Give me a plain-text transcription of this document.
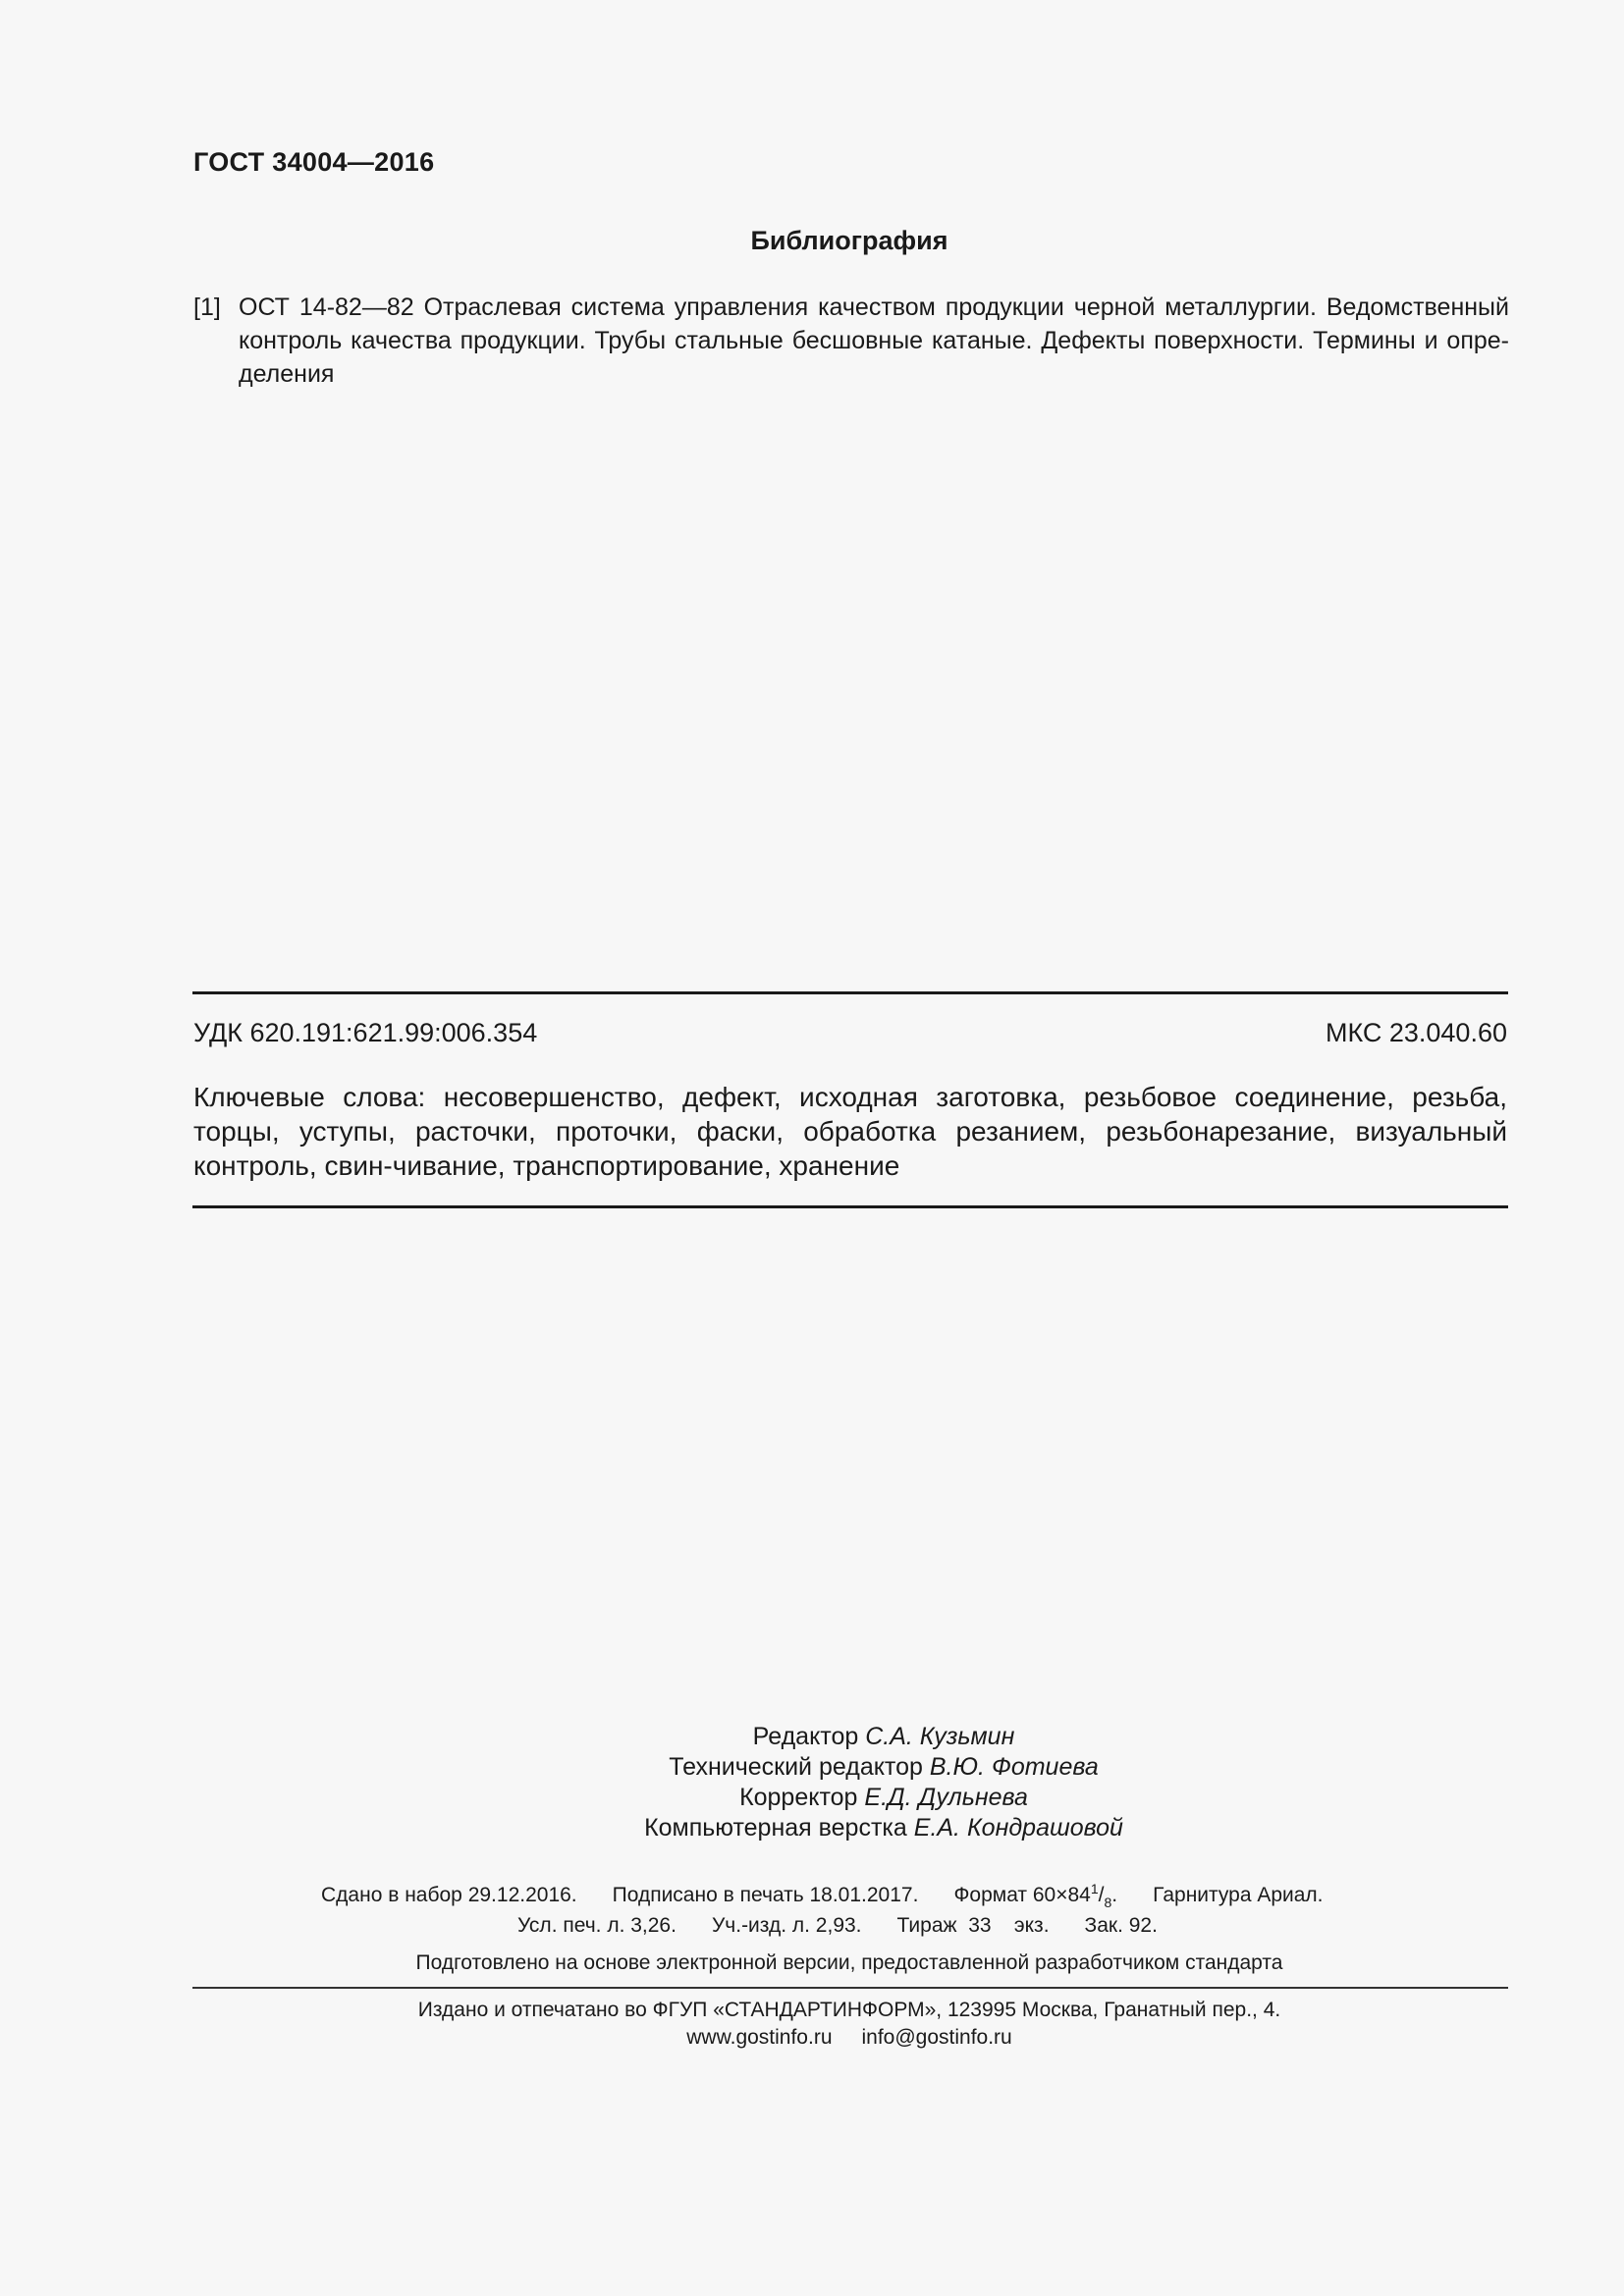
ГОСТ 34004—2016
Библиография
[1] ОСТ 14-82—82 Отраслевая система управления качеством продукции черной металлургии. Ведомственный контроль качества продукции. Трубы стальные бесшовные катаные. Дефекты поверхности. Термины и опре-деления
УДК 620.191:621.99:006.354	МКС 23.040.60
Ключевые слова: несовершенство, дефект, исходная заготовка, резьбовое соединение, резьба, торцы, уступы, расточки, проточки, фаски, обработка резанием, резьбонарезание, визуальный контроль, свин-чивание, транспортирование, хранение
Редактор С.А. Кузьмин
Технический редактор В.Ю. Фотиева
Корректор Е.Д. Дульнева
Компьютерная верстка Е.А. Кондрашовой
Сдано в набор 29.12.2016. Подписано в печать 18.01.2017. Формат $60\times 84^1/_8$. Гарнитура Ариал.
Усл. печ. л. 3,26. Уч.-изд. л. 2,93. Тираж  33    экз. Зак. 92.
Подготовлено на основе электронной версии, предоставленной разработчиком стандарта
Издано и отпечатано во ФГУП «СТАНДАРТИНФОРМ», 123995 Москва, Гранатный пер., 4.
www.gostinfo.ru info@gostinfo.ru
